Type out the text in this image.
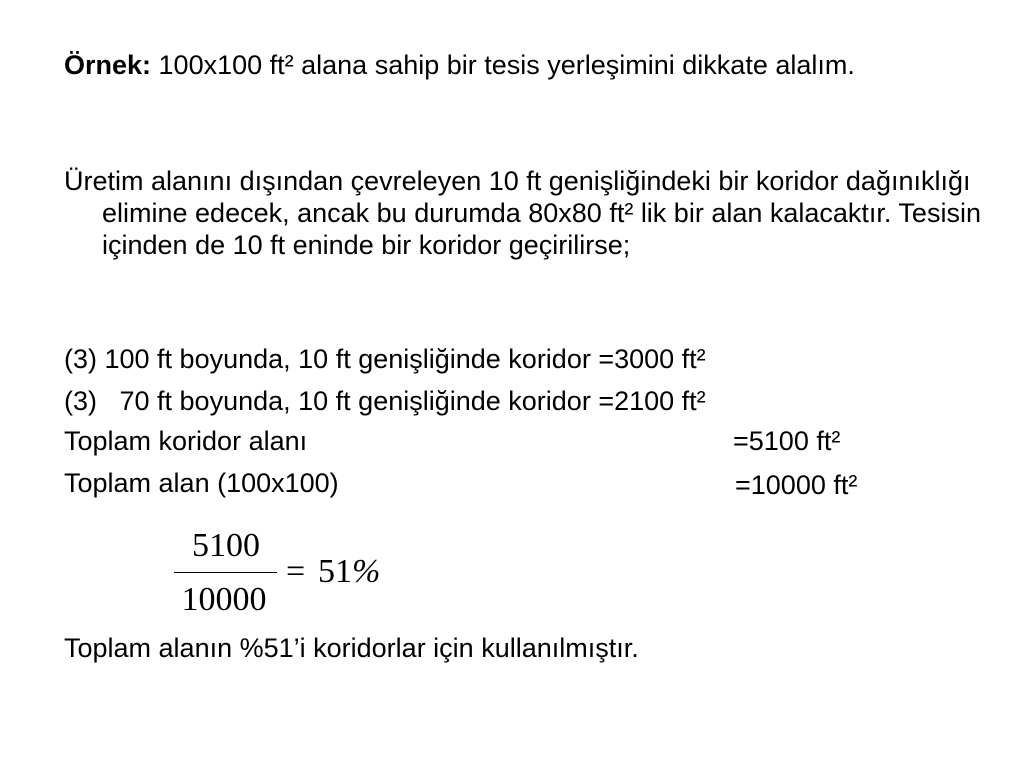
Örnek: 100x100 ft² alana sahip bir tesis yerleşimini dikkate alalım.

Üretim alanını dışından çevreleyen 10 ft genişliğindeki bir koridor dağınıklığı elimine edecek, ancak bu durumda 80x80 ft² lik bir alan kalacaktır. Tesisin içinden de 10 ft eninde bir koridor geçirilirse;

(3) 100 ft boyunda, 10 ft genişliğinde koridor =3000 ft²
(3)   70 ft boyunda, 10 ft genişliğinde koridor =2100 ft²
Toplam koridor alanı	=5100 ft²
Toplam alan (100x100)	=10000 ft²
5100
10000
= 51%
Toplam alanın %51’i koridorlar için kullanılmıştır.
